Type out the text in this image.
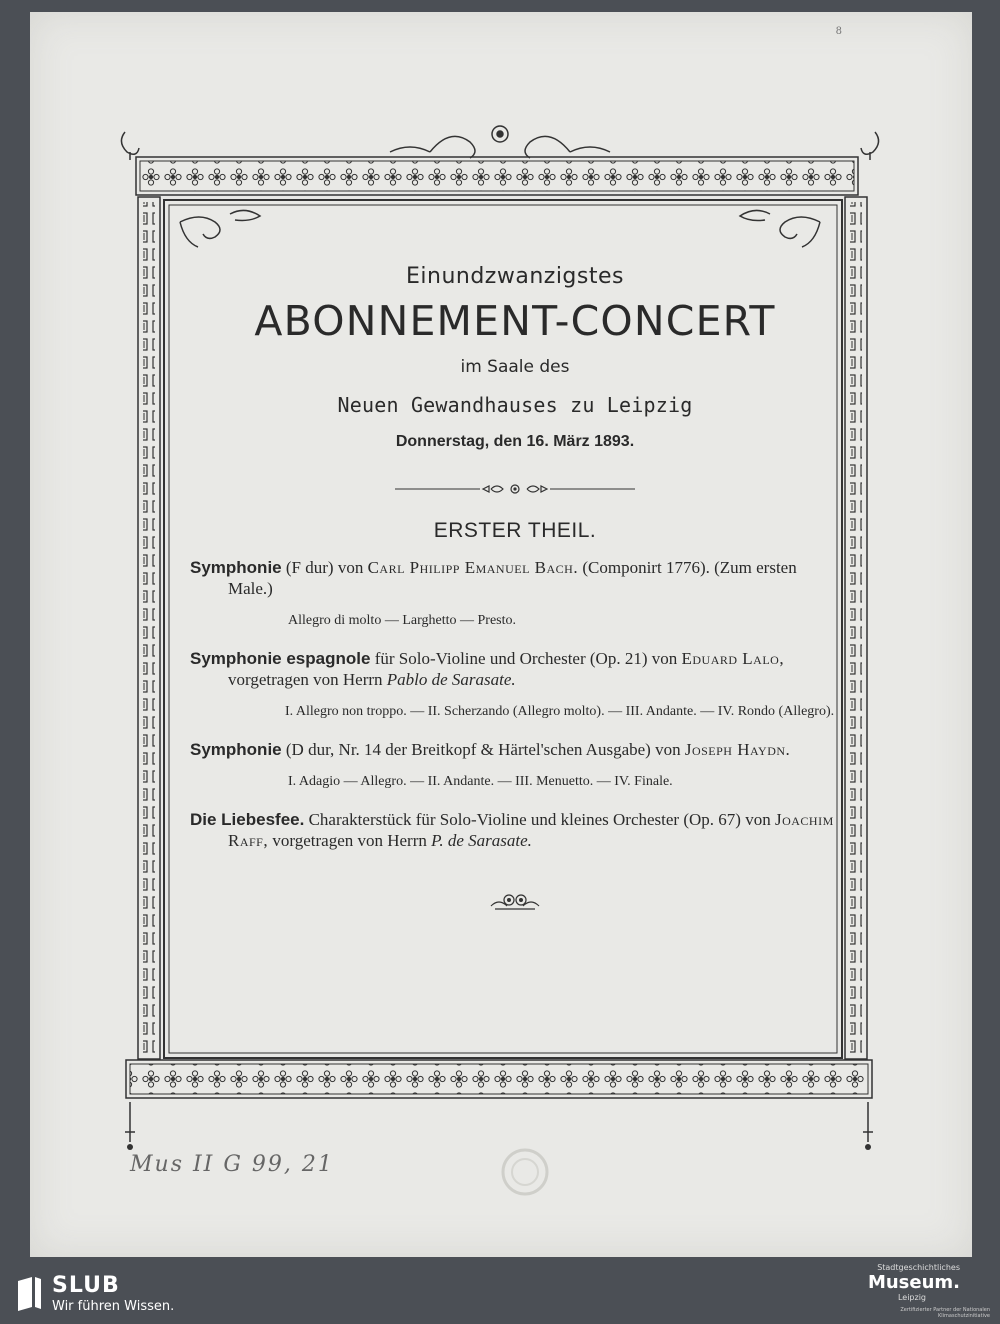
8
Einundzwanzigstes
ABONNEMENT-CONCERT
im Saale des
Neuen Gewandhauses zu Leipzig
Donnerstag, den 16. März 1893.
ERSTER THEIL.
Symphonie (F dur) von Carl Philipp Emanuel Bach. (Componirt 1776). (Zum ersten Male.)
Allegro di molto — Larghetto — Presto.
Symphonie espagnole für Solo-Violine und Orchester (Op. 21) von Eduard Lalo, vorgetragen von Herrn Pablo de Sarasate.
I. Allegro non troppo. — II. Scherzando (Allegro molto). — III. Andante. — IV. Rondo (Allegro).
Symphonie (D dur, Nr. 14 der Breitkopf & Härtel'schen Ausgabe) von Joseph Haydn.
I. Adagio — Allegro. — II. Andante. — III. Menuetto. — IV. Finale.
Die Liebesfee. Charakterstück für Solo-Violine und kleines Orchester (Op. 67) von Joachim Raff, vorgetragen von Herrn P. de Sarasate.
Mus II G 99, 21
SLUB
Wir führen Wissen.
Stadtgeschichtliches
Museum.
Leipzig
Zertifizierter Partner der Nationalen Klimaschutzinitiative
